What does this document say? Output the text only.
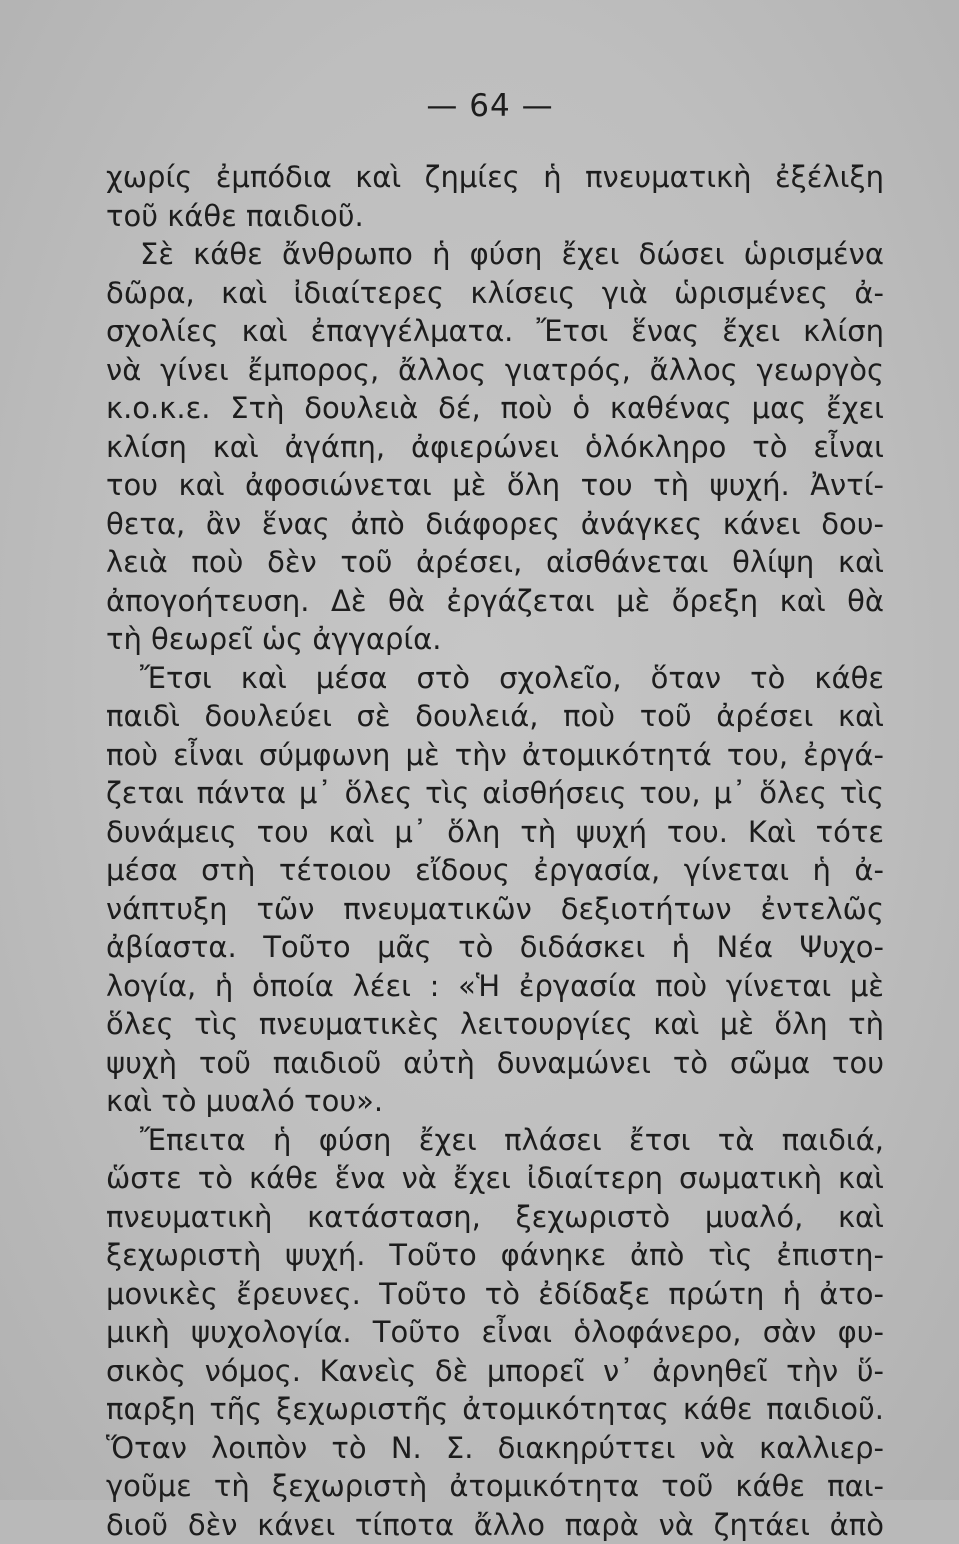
— 64 —
χωρίς ἐμπόδια καὶ ζημίες ἡ πνευματικὴ ἐξέλιξη
τοῦ κάθε παιδιοῦ.
Σὲ κάθε ἄνθρωπο ἡ φύση ἔχει δώσει ὡρισμένα
δῶρα, καὶ ἰδιαίτερες κλίσεις γιὰ ὡρισμένες ἀ-
σχολίες καὶ ἐπαγγέλματα. Ἔτσι ἕνας ἔχει κλίση
νὰ γίνει ἔμπορος, ἄλλος γιατρός, ἄλλος γεωργὸς
κ.ο.κ.ε. Στὴ δουλειὰ δέ, ποὺ ὁ καθένας μας ἔχει
κλίση καὶ ἀγάπη, ἀφιερώνει ὁλόκληρο τὸ εἶναι
του καὶ ἀφοσιώνεται μὲ ὅλη του τὴ ψυχή. Ἀντί-
θετα, ἂν ἕνας ἀπὸ διάφορες ἀνάγκες κάνει δου-
λειὰ ποὺ δὲν τοῦ ἀρέσει, αἰσθάνεται θλίψη καὶ
ἀπογοήτευση. Δὲ θὰ ἐργάζεται μὲ ὄρεξη καὶ θὰ
τὴ θεωρεῖ ὡς ἀγγαρία.
Ἔτσι καὶ μέσα στὸ σχολεῖο, ὅταν τὸ κάθε
παιδὶ δουλεύει σὲ δουλειά, ποὺ τοῦ ἀρέσει καὶ
ποὺ εἶναι σύμφωνη μὲ τὴν ἀτομικότητά του, ἐργά-
ζεται πάντα μ᾽ ὅλες τὶς αἰσθήσεις του, μ᾽ ὅλες τὶς
δυνάμεις του καὶ μ᾽ ὅλη τὴ ψυχή του. Καὶ τότε
μέσα στὴ τέτοιου εἴδους ἐργασία, γίνεται ἡ ἀ-
νάπτυξη τῶν πνευματικῶν δεξιοτήτων ἐντελῶς
ἀβίαστα. Τοῦτο μᾶς τὸ διδάσκει ἡ Νέα Ψυχο-
λογία, ἡ ὁποία λέει : «Ἡ ἐργασία ποὺ γίνεται μὲ
ὅλες τὶς πνευματικὲς λειτουργίες καὶ μὲ ὅλη τὴ
ψυχὴ τοῦ παιδιοῦ αὐτὴ δυναμώνει τὸ σῶμα του
καὶ τὸ μυαλό του».
Ἔπειτα ἡ φύση ἔχει πλάσει ἔτσι τὰ παιδιά,
ὥστε τὸ κάθε ἕνα νὰ ἔχει ἰδιαίτερη σωματικὴ καὶ
πνευματικὴ κατάσταση, ξεχωριστὸ μυαλό, καὶ
ξεχωριστὴ ψυχή. Τοῦτο φάνηκε ἀπὸ τὶς ἐπιστη-
μονικὲς ἔρευνες. Τοῦτο τὸ ἐδίδαξε πρώτη ἡ ἀτο-
μικὴ ψυχολογία. Τοῦτο εἶναι ὁλοφάνερο, σὰν φυ-
σικὸς νόμος. Κανεὶς δὲ μπορεῖ ν᾽ ἀρνηθεῖ τὴν ὕ-
παρξη τῆς ξεχωριστῆς ἀτομικότητας κάθε παιδιοῦ.
Ὅταν λοιπὸν τὸ Ν. Σ. διακηρύττει νὰ καλλιερ-
γοῦμε τὴ ξεχωριστὴ ἀτομικότητα τοῦ κάθε παι-
διοῦ δὲν κάνει τίποτα ἄλλο παρὰ νὰ ζητάει ἀπὸ
